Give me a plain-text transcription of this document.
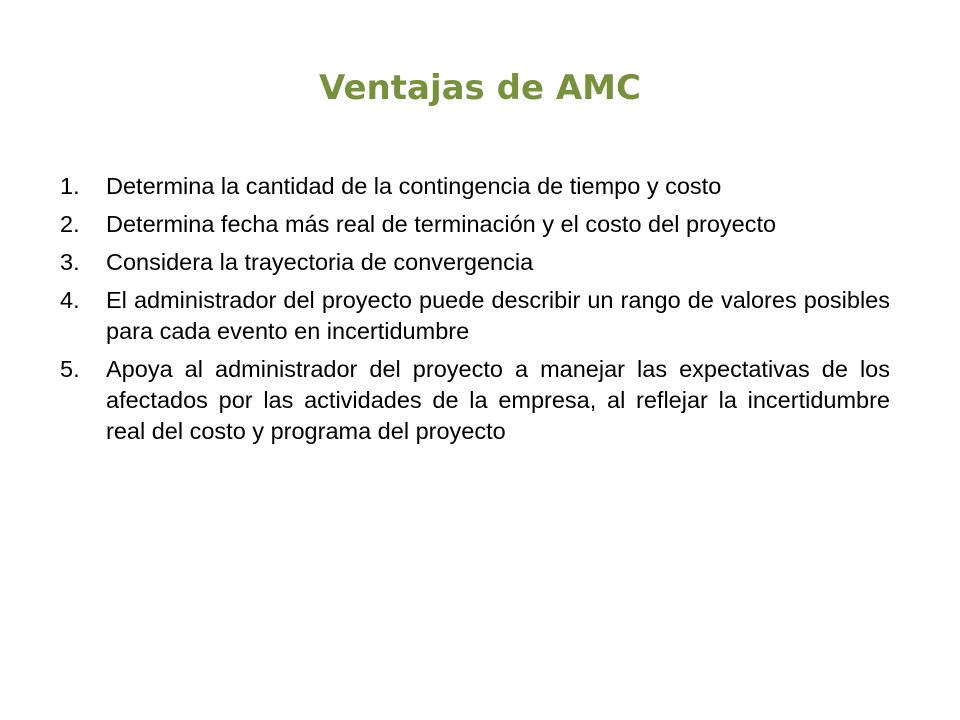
Ventajas de AMC
1. Determina la cantidad de la contingencia de tiempo y costo
2. Determina fecha más real de terminación y el costo del proyecto
3. Considera la trayectoria de convergencia
4. El administrador del proyecto puede describir un rango de valores posibles para cada evento en incertidumbre
5. Apoya al administrador del proyecto a manejar las expectativas de los afectados por las actividades de la empresa, al reflejar la incertidumbre real del costo y programa del proyecto
